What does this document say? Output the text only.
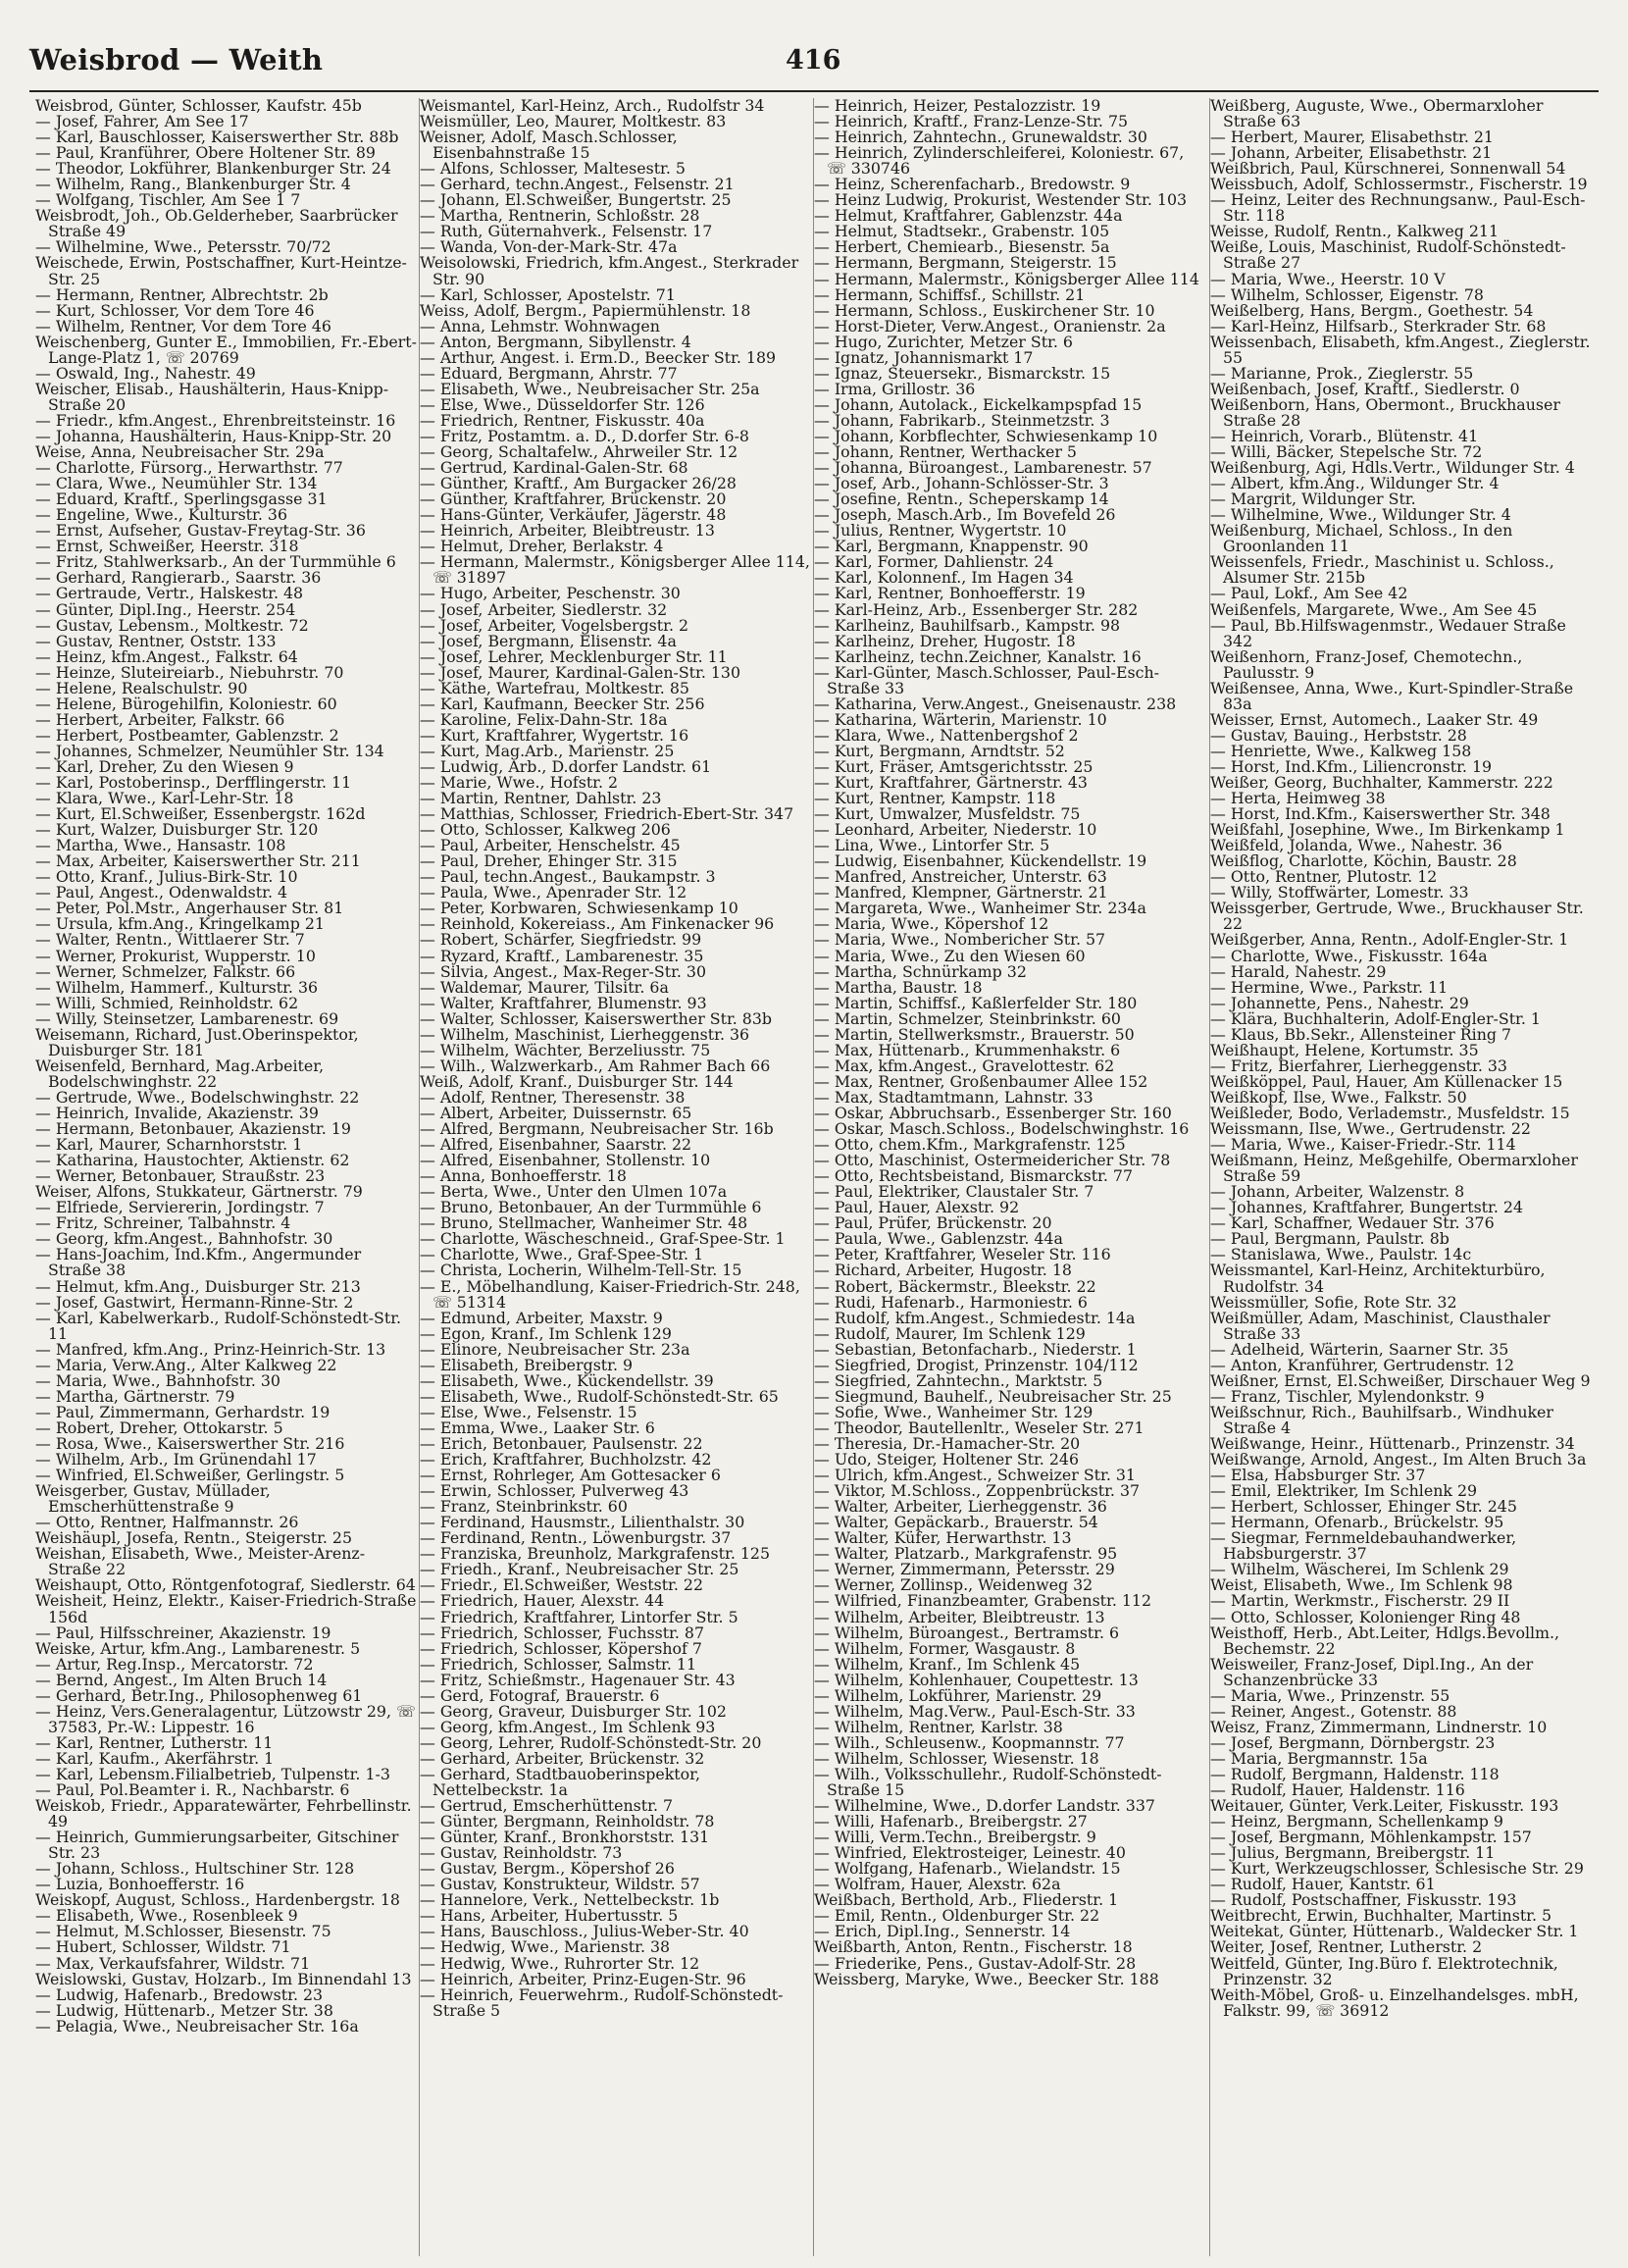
Weisbrod — Weith	416
Weisbrod, Günter, Schlosser, Kaufstr. 45b
— Josef, Fahrer, Am See 17
— Karl, Bauschlosser, Kaiserswerther Str. 88b
— Paul, Kranführer, Obere Holtener Str. 89
— Theodor, Lokführer, Blankenburger Str. 24
— Wilhelm, Rang., Blankenburger Str. 4
— Wolfgang, Tischler, Am See 1 7
Weisbrodt, Joh., Ob.Gelderheber, Saarbrücker Straße 49
— Wilhelmine, Wwe., Petersstr. 70/72
Weischede, Erwin, Postschaffner, Kurt-Heintze-Str. 25
— Hermann, Rentner, Albrechtstr. 2b
— Kurt, Schlosser, Vor dem Tore 46
— Wilhelm, Rentner, Vor dem Tore 46
Weischenberg, Gunter E., Immobilien, Fr.-Ebert-Lange-Platz 1, ☏ 20769
— Oswald, Ing., Nahestr. 49
Weischer, Elisab., Haushälterin, Haus-Knipp-Straße 20
— Friedr., kfm.Angest., Ehrenbreitsteinstr. 16
— Johanna, Haushälterin, Haus-Knipp-Str. 20
Weise, Anna, Neubreisacher Str. 29a
— Charlotte, Fürsorg., Herwarthstr. 77
— Clara, Wwe., Neumühler Str. 134
— Eduard, Kraftf., Sperlingsgasse 31
— Engeline, Wwe., Kulturstr. 36
— Ernst, Aufseher, Gustav-Freytag-Str. 36
— Ernst, Schweißer, Heerstr. 318
— Fritz, Stahlwerksarb., An der Turmmühle 6
— Gerhard, Rangierarb., Saarstr. 36
— Gertraude, Vertr., Halskestr. 48
— Günter, Dipl.Ing., Heerstr. 254
— Gustav, Lebensm., Moltkestr. 72
— Gustav, Rentner, Oststr. 133
— Heinz, kfm.Angest., Falkstr. 64
— Heinze, Sluteireiarb., Niebuhrstr. 70
— Helene, Realschulstr. 90
— Helene, Bürogehilfin, Koloniestr. 60
— Herbert, Arbeiter, Falkstr. 66
— Herbert, Postbeamter, Gablenzstr. 2
— Johannes, Schmelzer, Neumühler Str. 134
— Karl, Dreher, Zu den Wiesen 9
— Karl, Postoberinsp., Derfflingerstr. 11
— Klara, Wwe., Karl-Lehr-Str. 18
— Kurt, El.Schweißer, Essenbergstr. 162d
— Kurt, Walzer, Duisburger Str. 120
— Martha, Wwe., Hansastr. 108
— Max, Arbeiter, Kaiserswerther Str. 211
— Otto, Kranf., Julius-Birk-Str. 10
— Paul, Angest., Odenwaldstr. 4
— Peter, Pol.Mstr., Angerhauser Str. 81
— Ursula, kfm.Ang., Kringelkamp 21
— Walter, Rentn., Wittlaerer Str. 7
— Werner, Prokurist, Wupperstr. 10
— Werner, Schmelzer, Falkstr. 66
— Wilhelm, Hammerf., Kulturstr. 36
— Willi, Schmied, Reinholdstr. 62
— Willy, Steinsetzer, Lambarenestr. 69
Weisemann, Richard, Just.Oberinspektor, Duisburger Str. 181
Weisenfeld, Bernhard, Mag.Arbeiter, Bodelschwinghstr. 22
— Gertrude, Wwe., Bodelschwinghstr. 22
— Heinrich, Invalide, Akazienstr. 39
— Hermann, Betonbauer, Akazienstr. 19
— Karl, Maurer, Scharnhorststr. 1
— Katharina, Haustochter, Aktienstr. 62
— Werner, Betonbauer, Straußstr. 23
Weiser, Alfons, Stukkateur, Gärtnerstr. 79
— Elfriede, Serviererin, Jordingstr. 7
— Fritz, Schreiner, Talbahnstr. 4
— Georg, kfm.Angest., Bahnhofstr. 30
— Hans-Joachim, Ind.Kfm., Angermunder Straße 38
— Helmut, kfm.Ang., Duisburger Str. 213
— Josef, Gastwirt, Hermann-Rinne-Str. 2
— Karl, Kabelwerkarb., Rudolf-Schönstedt-Str. 11
— Manfred, kfm.Ang., Prinz-Heinrich-Str. 13
— Maria, Verw.Ang., Alter Kalkweg 22
— Maria, Wwe., Bahnhofstr. 30
— Martha, Gärtnerstr. 79
— Paul, Zimmermann, Gerhardstr. 19
— Robert, Dreher, Ottokarstr. 5
— Rosa, Wwe., Kaiserswerther Str. 216
— Wilhelm, Arb., Im Grünendahl 17
— Winfried, El.Schweißer, Gerlingstr. 5
Weisgerber, Gustav, Müllader, Emscherhüttenstraße 9
— Otto, Rentner, Halfmannstr. 26
Weishäupl, Josefa, Rentn., Steigerstr. 25
Weishan, Elisabeth, Wwe., Meister-Arenz-Straße 22
Weishaupt, Otto, Röntgenfotograf, Siedlerstr. 64
Weisheit, Heinz, Elektr., Kaiser-Friedrich-Straße 156d
— Paul, Hilfsschreiner, Akazienstr. 19
Weiske, Artur, kfm.Ang., Lambarenestr. 5
— Artur, Reg.Insp., Mercatorstr. 72
— Bernd, Angest., Im Alten Bruch 14
— Gerhard, Betr.Ing., Philosophenweg 61
— Heinz, Vers.Generalagentur, Lützowstr 29, ☏ 37583, Pr.-W.: Lippestr. 16
— Karl, Rentner, Lutherstr. 11
— Karl, Kaufm., Akerfährstr. 1
— Karl, Lebensm.Filialbetrieb, Tulpenstr. 1-3
— Paul, Pol.Beamter i. R., Nachbarstr. 6
Weiskob, Friedr., Apparatewärter, Fehrbellinstr. 49
— Heinrich, Gummierungsarbeiter, Gitschiner Str. 23
— Johann, Schloss., Hultschiner Str. 128
— Luzia, Bonhoefferstr. 16
Weiskopf, August, Schloss., Hardenbergstr. 18
— Elisabeth, Wwe., Rosenbleek 9
— Helmut, M.Schlosser, Biesenstr. 75
— Hubert, Schlosser, Wildstr. 71
— Max, Verkaufsfahrer, Wildstr. 71
Weislowski, Gustav, Holzarb., Im Binnendahl 13
— Ludwig, Hafenarb., Bredowstr. 23
— Ludwig, Hüttenarb., Metzer Str. 38
— Pelagia, Wwe., Neubreisacher Str. 16a
Weismantel, Karl-Heinz, Arch., Rudolfstr 34
Weismüller, Leo, Maurer, Moltkestr. 83
Weisner, Adolf, Masch.Schlosser, Eisenbahnstraße 15
— Alfons, Schlosser, Maltesestr. 5
— Gerhard, techn.Angest., Felsenstr. 21
— Johann, El.Schweißer, Bungertstr. 25
— Martha, Rentnerin, Schloßstr. 28
— Ruth, Güternahverk., Felsenstr. 17
— Wanda, Von-der-Mark-Str. 47a
Weisolowski, Friedrich, kfm.Angest., Sterkrader Str. 90
— Karl, Schlosser, Apostelstr. 71
Weiss, Adolf, Bergm., Papiermühlenstr. 18
— Anna, Lehmstr. Wohnwagen
— Anton, Bergmann, Sibyllenstr. 4
— Arthur, Angest. i. Erm.D., Beecker Str. 189
— Eduard, Bergmann, Ahrstr. 77
— Elisabeth, Wwe., Neubreisacher Str. 25a
— Else, Wwe., Düsseldorfer Str. 126
— Friedrich, Rentner, Fiskusstr. 40a
— Fritz, Postamtm. a. D., D.dorfer Str. 6-8
— Georg, Schaltafelw., Ahrweiler Str. 12
— Gertrud, Kardinal-Galen-Str. 68
— Günther, Kraftf., Am Burgacker 26/28
— Günther, Kraftfahrer, Brückenstr. 20
— Hans-Günter, Verkäufer, Jägerstr. 48
— Heinrich, Arbeiter, Bleibtreustr. 13
— Helmut, Dreher, Berlakstr. 4
— Hermann, Malermstr., Königsberger Allee 114, ☏ 31897
— Hugo, Arbeiter, Peschenstr. 30
— Josef, Arbeiter, Siedlerstr. 32
— Josef, Arbeiter, Vogelsbergstr. 2
— Josef, Bergmann, Elisenstr. 4a
— Josef, Lehrer, Mecklenburger Str. 11
— Josef, Maurer, Kardinal-Galen-Str. 130
— Käthe, Wartefrau, Moltkestr. 85
— Karl, Kaufmann, Beecker Str. 256
— Karoline, Felix-Dahn-Str. 18a
— Kurt, Kraftfahrer, Wygertstr. 16
— Kurt, Mag.Arb., Marienstr. 25
— Ludwig, Arb., D.dorfer Landstr. 61
— Marie, Wwe., Hofstr. 2
— Martin, Rentner, Dahlstr. 23
— Matthias, Schlosser, Friedrich-Ebert-Str. 347
— Otto, Schlosser, Kalkweg 206
— Paul, Arbeiter, Henschelstr. 45
— Paul, Dreher, Ehinger Str. 315
— Paul, techn.Angest., Baukampstr. 3
— Paula, Wwe., Apenrader Str. 12
— Peter, Korbwaren, Schwiesenkamp 10
— Reinhold, Kokereiass., Am Finkenacker 96
— Robert, Schärfer, Siegfriedstr. 99
— Ryzard, Kraftf., Lambarenestr. 35
— Silvia, Angest., Max-Reger-Str. 30
— Waldemar, Maurer, Tilsitr. 6a
— Walter, Kraftfahrer, Blumenstr. 93
— Walter, Schlosser, Kaiserswerther Str. 83b
— Wilhelm, Maschinist, Lierheggenstr. 36
— Wilhelm, Wächter, Berzeliusstr. 75
— Wilh., Walzwerkarb., Am Rahmer Bach 66
Weiß, Adolf, Kranf., Duisburger Str. 144
— Adolf, Rentner, Theresenstr. 38
— Albert, Arbeiter, Duissernstr. 65
— Alfred, Bergmann, Neubreisacher Str. 16b
— Alfred, Eisenbahner, Saarstr. 22
— Alfred, Eisenbahner, Stollenstr. 10
— Anna, Bonhoefferstr. 18
— Berta, Wwe., Unter den Ulmen 107a
— Bruno, Betonbauer, An der Turmmühle 6
— Bruno, Stellmacher, Wanheimer Str. 48
— Charlotte, Wäscheschneid., Graf-Spee-Str. 1
— Charlotte, Wwe., Graf-Spee-Str. 1
— Christa, Locherin, Wilhelm-Tell-Str. 15
— E., Möbelhandlung, Kaiser-Friedrich-Str. 248, ☏ 51314
— Edmund, Arbeiter, Maxstr. 9
— Egon, Kranf., Im Schlenk 129
— Elinore, Neubreisacher Str. 23a
— Elisabeth, Breibergstr. 9
— Elisabeth, Wwe., Kückendellstr. 39
— Elisabeth, Wwe., Rudolf-Schönstedt-Str. 65
— Else, Wwe., Felsenstr. 15
— Emma, Wwe., Laaker Str. 6
— Erich, Betonbauer, Paulsenstr. 22
— Erich, Kraftfahrer, Buchholzstr. 42
— Ernst, Rohrleger, Am Gottesacker 6
— Erwin, Schlosser, Pulverweg 43
— Franz, Steinbrinkstr. 60
— Ferdinand, Hausmstr., Lilienthalstr. 30
— Ferdinand, Rentn., Löwenburgstr. 37
— Franziska, Breunholz, Markgrafenstr. 125
— Friedh., Kranf., Neubreisacher Str. 25
— Friedr., El.Schweißer, Weststr. 22
— Friedrich, Hauer, Alexstr. 44
— Friedrich, Kraftfahrer, Lintorfer Str. 5
— Friedrich, Schlosser, Fuchsstr. 87
— Friedrich, Schlosser, Köpershof 7
— Friedrich, Schlosser, Salmstr. 11
— Fritz, Schießmstr., Hagenauer Str. 43
— Gerd, Fotograf, Brauerstr. 6
— Georg, Graveur, Duisburger Str. 102
— Georg, kfm.Angest., Im Schlenk 93
— Georg, Lehrer, Rudolf-Schönstedt-Str. 20
— Gerhard, Arbeiter, Brückenstr. 32
— Gerhard, Stadtbauoberinspektor, Nettelbeckstr. 1a
— Gertrud, Emscherhüttenstr. 7
— Günter, Bergmann, Reinholdstr. 78
— Günter, Kranf., Bronkhorststr. 131
— Gustav, Reinholdstr. 73
— Gustav, Bergm., Köpershof 26
— Gustav, Konstrukteur, Wildstr. 57
— Hannelore, Verk., Nettelbeckstr. 1b
— Hans, Arbeiter, Hubertusstr. 5
— Hans, Bauschloss., Julius-Weber-Str. 40
— Hedwig, Wwe., Marienstr. 38
— Hedwig, Wwe., Ruhrorter Str. 12
— Heinrich, Arbeiter, Prinz-Eugen-Str. 96
— Heinrich, Feuerwehrm., Rudolf-Schönstedt-Straße 5
— Heinrich, Heizer, Pestalozzistr. 19
— Heinrich, Kraftf., Franz-Lenze-Str. 75
— Heinrich, Zahntechn., Grunewaldstr. 30
— Heinrich, Zylinderschleiferei, Koloniestr. 67, ☏ 330746
— Heinz, Scherenfacharb., Bredowstr. 9
— Heinz Ludwig, Prokurist, Westender Str. 103
— Helmut, Kraftfahrer, Gablenzstr. 44a
— Helmut, Stadtsekr., Grabenstr. 105
— Herbert, Chemiearb., Biesenstr. 5a
— Hermann, Bergmann, Steigerstr. 15
— Hermann, Malermstr., Königsberger Allee 114
— Hermann, Schiffsf., Schillstr. 21
— Hermann, Schloss., Euskirchener Str. 10
— Horst-Dieter, Verw.Angest., Oranienstr. 2a
— Hugo, Zurichter, Metzer Str. 6
— Ignatz, Johannismarkt 17
— Ignaz, Steuersekr., Bismarckstr. 15
— Irma, Grillostr. 36
— Johann, Autolack., Eickelkampspfad 15
— Johann, Fabrikarb., Steinmetzstr. 3
— Johann, Korbflechter, Schwiesenkamp 10
— Johann, Rentner, Werthacker 5
— Johanna, Büroangest., Lambarenestr. 57
— Josef, Arb., Johann-Schlösser-Str. 3
— Josefine, Rentn., Scheperskamp 14
— Joseph, Masch.Arb., Im Bovefeld 26
— Julius, Rentner, Wygertstr. 10
— Karl, Bergmann, Knappenstr. 90
— Karl, Former, Dahlienstr. 24
— Karl, Kolonnenf., Im Hagen 34
— Karl, Rentner, Bonhoefferstr. 19
— Karl-Heinz, Arb., Essenberger Str. 282
— Karlheinz, Bauhilfsarb., Kampstr. 98
— Karlheinz, Dreher, Hugostr. 18
— Karlheinz, techn.Zeichner, Kanalstr. 16
— Karl-Günter, Masch.Schlosser, Paul-Esch-Straße 33
— Katharina, Verw.Angest., Gneisenaustr. 238
— Katharina, Wärterin, Marienstr. 10
— Klara, Wwe., Nattenbergshof 2
— Kurt, Bergmann, Arndtstr. 52
— Kurt, Fräser, Amtsgerichtsstr. 25
— Kurt, Kraftfahrer, Gärtnerstr. 43
— Kurt, Rentner, Kampstr. 118
— Kurt, Umwalzer, Musfeldstr. 75
— Leonhard, Arbeiter, Niederstr. 10
— Lina, Wwe., Lintorfer Str. 5
— Ludwig, Eisenbahner, Kückendellstr. 19
— Manfred, Anstreicher, Unterstr. 63
— Manfred, Klempner, Gärtnerstr. 21
— Margareta, Wwe., Wanheimer Str. 234a
— Maria, Wwe., Köpershof 12
— Maria, Wwe., Nombericher Str. 57
— Maria, Wwe., Zu den Wiesen 60
— Martha, Schnürkamp 32
— Martha, Baustr. 18
— Martin, Schiffsf., Kaßlerfelder Str. 180
— Martin, Schmelzer, Steinbrinkstr. 60
— Martin, Stellwerksmstr., Brauerstr. 50
— Max, Hüttenarb., Krummenhakstr. 6
— Max, kfm.Angest., Gravelottestr. 62
— Max, Rentner, Großenbaumer Allee 152
— Max, Stadtamtmann, Lahnstr. 33
— Oskar, Abbruchsarb., Essenberger Str. 160
— Oskar, Masch.Schloss., Bodelschwinghstr. 16
— Otto, chem.Kfm., Markgrafenstr. 125
— Otto, Maschinist, Ostermeidericher Str. 78
— Otto, Rechtsbeistand, Bismarckstr. 77
— Paul, Elektriker, Claustaler Str. 7
— Paul, Hauer, Alexstr. 92
— Paul, Prüfer, Brückenstr. 20
— Paula, Wwe., Gablenzstr. 44a
— Peter, Kraftfahrer, Weseler Str. 116
— Richard, Arbeiter, Hugostr. 18
— Robert, Bäckermstr., Bleekstr. 22
— Rudi, Hafenarb., Harmoniestr. 6
— Rudolf, kfm.Angest., Schmiedestr. 14a
— Rudolf, Maurer, Im Schlenk 129
— Sebastian, Betonfacharb., Niederstr. 1
— Siegfried, Drogist, Prinzenstr. 104/112
— Siegfried, Zahntechn., Marktstr. 5
— Siegmund, Bauhelf., Neubreisacher Str. 25
— Sofie, Wwe., Wanheimer Str. 129
— Theodor, Bautellenltr., Weseler Str. 271
— Theresia, Dr.-Hamacher-Str. 20
— Udo, Steiger, Holtener Str. 246
— Ulrich, kfm.Angest., Schweizer Str. 31
— Viktor, M.Schloss., Zoppenbrückstr. 37
— Walter, Arbeiter, Lierheggenstr. 36
— Walter, Gepäckarb., Brauerstr. 54
— Walter, Küfer, Herwarthstr. 13
— Walter, Platzarb., Markgrafenstr. 95
— Werner, Zimmermann, Petersstr. 29
— Werner, Zollinsp., Weidenweg 32
— Wilfried, Finanzbeamter, Grabenstr. 112
— Wilhelm, Arbeiter, Bleibtreustr. 13
— Wilhelm, Büroangest., Bertramstr. 6
— Wilhelm, Former, Wasgaustr. 8
— Wilhelm, Kranf., Im Schlenk 45
— Wilhelm, Kohlenhauer, Coupettestr. 13
— Wilhelm, Lokführer, Marienstr. 29
— Wilhelm, Mag.Verw., Paul-Esch-Str. 33
— Wilhelm, Rentner, Karlstr. 38
— Wilh., Schleusenw., Koopmannstr. 77
— Wilhelm, Schlosser, Wiesenstr. 18
— Wilh., Volksschullehr., Rudolf-Schönstedt-Straße 15
— Wilhelmine, Wwe., D.dorfer Landstr. 337
— Willi, Hafenarb., Breibergstr. 27
— Willi, Verm.Techn., Breibergstr. 9
— Winfried, Elektrosteiger, Leinestr. 40
— Wolfgang, Hafenarb., Wielandstr. 15
— Wolfram, Hauer, Alexstr. 62a
Weißbach, Berthold, Arb., Fliederstr. 1
— Emil, Rentn., Oldenburger Str. 22
— Erich, Dipl.Ing., Sennerstr. 14
Weißbarth, Anton, Rentn., Fischerstr. 18
— Friederike, Pens., Gustav-Adolf-Str. 28
Weissberg, Maryke, Wwe., Beecker Str. 188
Weißberg, Auguste, Wwe., Obermarxloher Straße 63
— Herbert, Maurer, Elisabethstr. 21
— Johann, Arbeiter, Elisabethstr. 21
Weißbrich, Paul, Kürschnerei, Sonnenwall 54
Weissbuch, Adolf, Schlossermstr., Fischerstr. 19
— Heinz, Leiter des Rechnungsanw., Paul-Esch-Str. 118
Weisse, Rudolf, Rentn., Kalkweg 211
Weiße, Louis, Maschinist, Rudolf-Schönstedt-Straße 27
— Maria, Wwe., Heerstr. 10 V
— Wilhelm, Schlosser, Eigenstr. 78
Weißelberg, Hans, Bergm., Goethestr. 54
— Karl-Heinz, Hilfsarb., Sterkrader Str. 68
Weissenbach, Elisabeth, kfm.Angest., Zieglerstr. 55
— Marianne, Prok., Zieglerstr. 55
Weißenbach, Josef, Kraftf., Siedlerstr. 0
Weißenborn, Hans, Obermont., Bruckhauser Straße 28
— Heinrich, Vorarb., Blütenstr. 41
— Willi, Bäcker, Stepelsche Str. 72
Weißenburg, Agi, Hdls.Vertr., Wildunger Str. 4
— Albert, kfm.Ang., Wildunger Str. 4
— Margrit, Wildunger Str.
— Wilhelmine, Wwe., Wildunger Str. 4
Weißenburg, Michael, Schloss., In den Groonlanden 11
Weissenfels, Friedr., Maschinist u. Schloss., Alsumer Str. 215b
— Paul, Lokf., Am See 42
Weißenfels, Margarete, Wwe., Am See 45
— Paul, Bb.Hilfswagenmstr., Wedauer Straße 342
Weißenhorn, Franz-Josef, Chemotechn., Paulusstr. 9
Weißensee, Anna, Wwe., Kurt-Spindler-Straße 83a
Weisser, Ernst, Automech., Laaker Str. 49
— Gustav, Bauing., Herbststr. 28
— Henriette, Wwe., Kalkweg 158
— Horst, Ind.Kfm., Liliencronstr. 19
Weißer, Georg, Buchhalter, Kammerstr. 222
— Herta, Heimweg 38
— Horst, Ind.Kfm., Kaiserswerther Str. 348
Weißfahl, Josephine, Wwe., Im Birkenkamp 1
Weißfeld, Jolanda, Wwe., Nahestr. 36
Weißflog, Charlotte, Köchin, Baustr. 28
— Otto, Rentner, Plutostr. 12
— Willy, Stoffwärter, Lomestr. 33
Weissgerber, Gertrude, Wwe., Bruckhauser Str. 22
Weißgerber, Anna, Rentn., Adolf-Engler-Str. 1
— Charlotte, Wwe., Fiskusstr. 164a
— Harald, Nahestr. 29
— Hermine, Wwe., Parkstr. 11
— Johannette, Pens., Nahestr. 29
— Klära, Buchhalterin, Adolf-Engler-Str. 1
— Klaus, Bb.Sekr., Allensteiner Ring 7
Weißhaupt, Helene, Kortumstr. 35
— Fritz, Bierfahrer, Lierheggenstr. 33
Weißköppel, Paul, Hauer, Am Küllenacker 15
Weißkopf, Ilse, Wwe., Falkstr. 50
Weißleder, Bodo, Verlademstr., Musfeldstr. 15
Weissmann, Ilse, Wwe., Gertrudenstr. 22
— Maria, Wwe., Kaiser-Friedr.-Str. 114
Weißmann, Heinz, Meßgehilfe, Obermarxloher Straße 59
— Johann, Arbeiter, Walzenstr. 8
— Johannes, Kraftfahrer, Bungertstr. 24
— Karl, Schaffner, Wedauer Str. 376
— Paul, Bergmann, Paulstr. 8b
— Stanislawa, Wwe., Paulstr. 14c
Weissmantel, Karl-Heinz, Architekturbüro, Rudolfstr. 34
Weissmüller, Sofie, Rote Str. 32
Weißmüller, Adam, Maschinist, Clausthaler Straße 33
— Adelheid, Wärterin, Saarner Str. 35
— Anton, Kranführer, Gertrudenstr. 12
Weißner, Ernst, El.Schweißer, Dirschauer Weg 9
— Franz, Tischler, Mylendonkstr. 9
Weißschnur, Rich., Bauhilfsarb., Windhuker Straße 4
Weißwange, Heinr., Hüttenarb., Prinzenstr. 34
Weißwange, Arnold, Angest., Im Alten Bruch 3a
— Elsa, Habsburger Str. 37
— Emil, Elektriker, Im Schlenk 29
— Herbert, Schlosser, Ehinger Str. 245
— Hermann, Ofenarb., Brückelstr. 95
— Siegmar, Fernmeldebauhandwerker, Habsburgerstr. 37
— Wilhelm, Wäscherei, Im Schlenk 29
Weist, Elisabeth, Wwe., Im Schlenk 98
— Martin, Werkmstr., Fischerstr. 29 II
— Otto, Schlosser, Kolonienger Ring 48
Weisthoff, Herb., Abt.Leiter, Hdlgs.Bevollm., Bechemstr. 22
Weisweiler, Franz-Josef, Dipl.Ing., An der Schanzenbrücke 33
— Maria, Wwe., Prinzenstr. 55
— Reiner, Angest., Gotenstr. 88
Weisz, Franz, Zimmermann, Lindnerstr. 10
— Josef, Bergmann, Dörnbergstr. 23
— Maria, Bergmannstr. 15a
— Rudolf, Bergmann, Haldenstr. 118
— Rudolf, Hauer, Haldenstr. 116
Weitauer, Günter, Verk.Leiter, Fiskusstr. 193
— Heinz, Bergmann, Schellenkamp 9
— Josef, Bergmann, Möhlenkampstr. 157
— Julius, Bergmann, Breibergstr. 11
— Kurt, Werkzeugschlosser, Schlesische Str. 29
— Rudolf, Hauer, Kantstr. 61
— Rudolf, Postschaffner, Fiskusstr. 193
Weitbrecht, Erwin, Buchhalter, Martinstr. 5
Weitekat, Günter, Hüttenarb., Waldecker Str. 1
Weiter, Josef, Rentner, Lutherstr. 2
Weitfeld, Günter, Ing.Büro f. Elektrotechnik, Prinzenstr. 32
Weith-Möbel, Groß- u. Einzelhandelsges. mbH, Falkstr. 99, ☏ 36912
